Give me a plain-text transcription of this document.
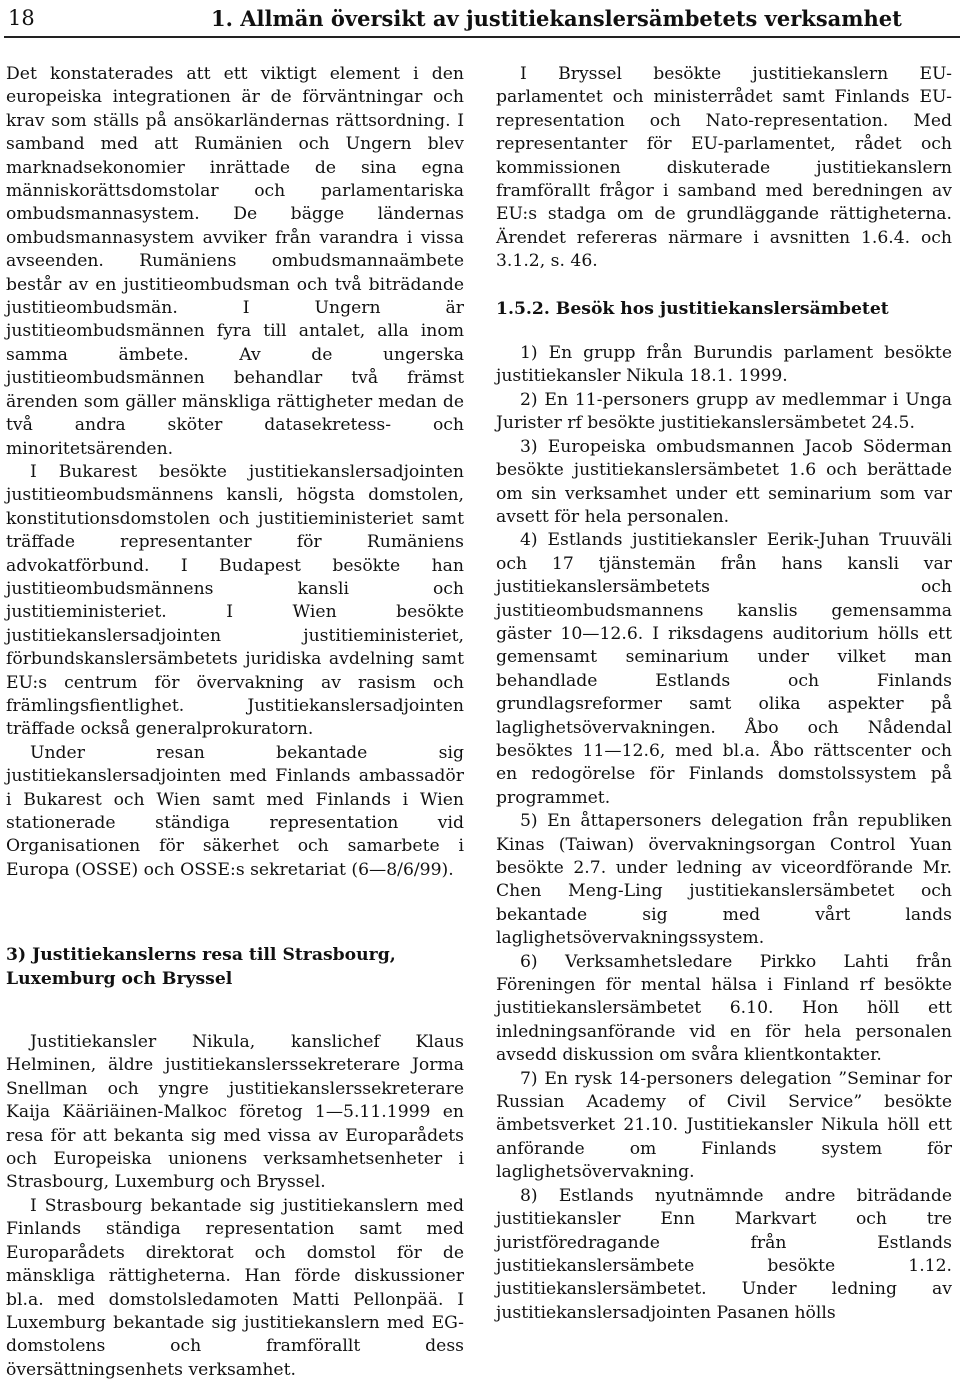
18	1. Allmän översikt av justitiekanslersämbetets verksamhet

Det konstaterades att ett viktigt element i den europeiska integrationen är de förväntningar och krav som ställs på ansökarländernas rättsordning. I samband med att Rumänien och Ungern blev marknadsekonomier inrättade de sina egna människorättsdomstolar och parlamentariska ombudsmannasystem. De bägge ländernas ombudsmannasystem avviker från varandra i vissa avseenden. Rumäniens ombudsmannaämbete består av en justitieombudsman och två biträdande justitieombudsmän. I Ungern är justitieombudsmännen fyra till antalet, alla inom samma ämbete. Av de ungerska justitieombudsmännen behandlar två främst ärenden som gäller mänskliga rättigheter medan de två andra sköter datasekretess- och minoritetsärenden.

I Bukarest besökte justitiekanslersadjointen justitieombudsmännens kansli, högsta domstolen, konstitutionsdomstolen och justitieministeriet samt träffade representanter för Rumäniens advokatförbund. I Budapest besökte han justitieombudsmännens kansli och justitieministeriet. I Wien besökte justitiekanslersadjointen justitieministeriet, förbundskanslersämbetets juridiska avdelning samt EU:s centrum för övervakning av rasism och främlingsfientlighet. Justitiekanslersadjointen träffade också generalprokuratorn.

Under resan bekantade sig justitiekanslersadjointen med Finlands ambassadör i Bukarest och Wien samt med Finlands i Wien stationerade ständiga representation vid Organisationen för säkerhet och samarbete i Europa (OSSE) och OSSE:s sekretariat (6—8/6/99).

3) Justitiekanslerns resa till Strasbourg, Luxemburg och Bryssel

Justitiekansler Nikula, kanslichef Klaus Helminen, äldre justitiekanslerssekreterare Jorma Snellman och yngre justitiekanslerssekreterare Kaija Kääriäinen-Malkoc företog 1—5.11.1999 en resa för att bekanta sig med vissa av Europarådets och Europeiska unionens verksamhetsenheter i Strasbourg, Luxemburg och Bryssel.

I Strasbourg bekantade sig justitiekanslern med Finlands ständiga representation samt med Europarådets direktorat och domstol för de mänskliga rättigheterna. Han förde diskussioner bl.a. med domstolsledamoten Matti Pellonpää. I Luxemburg bekantade sig justitiekanslern med EG-domstolens och framförallt dess översättningsenhets verksamhet.

I Bryssel besökte justitiekanslern EU-parlamentet och ministerrådet samt Finlands EU-representation och Nato-representation. Med representanter för EU-parlamentet, rådet och kommissionen diskuterade justitiekanslern framförallt frågor i samband med beredningen av EU:s stadga om de grundläggande rättigheterna. Ärendet refereras närmare i avsnitten 1.6.4. och 3.1.2, s. 46.

1.5.2. Besök hos justitiekanslersämbetet

1) En grupp från Burundis parlament besökte justitiekansler Nikula 18.1. 1999.

2) En 11-personers grupp av medlemmar i Unga Jurister rf besökte justitiekanslersämbetet 24.5.

3) Europeiska ombudsmannen Jacob Söderman besökte justitiekanslersämbetet 1.6 och berättade om sin verksamhet under ett seminarium som var avsett för hela personalen.

4) Estlands justitiekansler Eerik-Juhan Truuväli och 17 tjänstemän från hans kansli var justitiekanslersämbetets och justitieombudsmannens kanslis gemensamma gäster 10—12.6. I riksdagens auditorium hölls ett gemensamt seminarium under vilket man behandlade Estlands och Finlands grundlagsreformer samt olika aspekter på laglighetsövervakningen. Åbo och Nådendal besöktes 11—12.6, med bl.a. Åbo rättscenter och en redogörelse för Finlands domstolssystem på programmet.

5) En åttapersoners delegation från republiken Kinas (Taiwan) övervakningsorgan Control Yuan besökte 2.7. under ledning av viceordförande Mr. Chen Meng-Ling justitiekanslersämbetet och bekantade sig med vårt lands laglighetsövervakningssystem.

6) Verksamhetsledare Pirkko Lahti från Föreningen för mental hälsa i Finland rf besökte justitiekanslersämbetet 6.10. Hon höll ett inledningsanförande vid en för hela personalen avsedd diskussion om svåra klientkontakter.

7) En rysk 14-personers delegation ”Seminar for Russian Academy of Civil Service” besökte ämbetsverket 21.10. Justitiekansler Nikula höll ett anförande om Finlands system för laglighetsövervakning.

8) Estlands nyutnämnde andre biträdande justitiekansler Enn Markvart och tre juristföredragande från Estlands justitiekanslersämbete besökte 1.12. justitiekanslersämbetet. Under ledning av justitiekanslersadjointen Pasanen hölls
